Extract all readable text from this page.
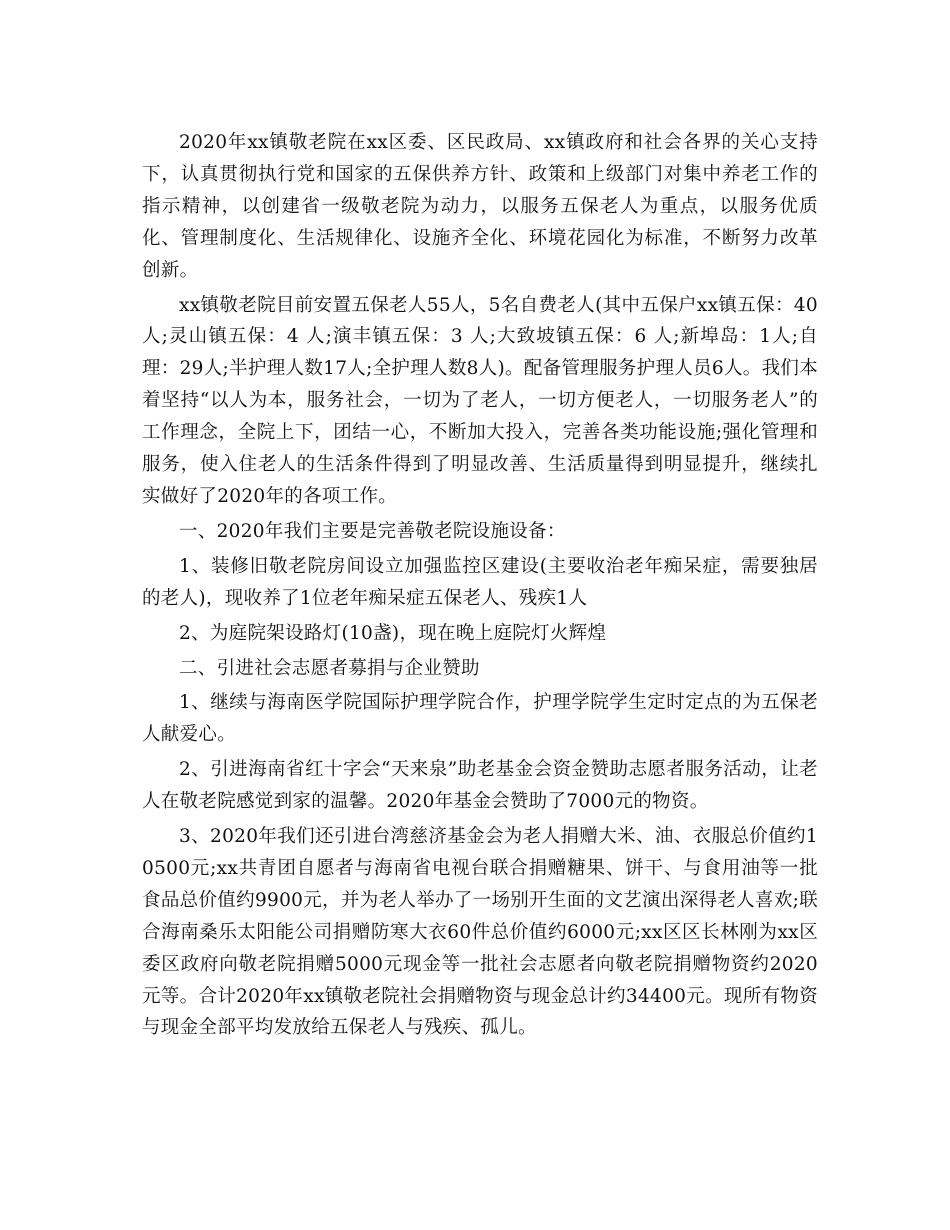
2020年xx镇敬老院在xx区委、区民政局、xx镇政府和社会各界的关心支持下，认真贯彻执行党和国家的五保供养方针、政策和上级部门对集中养老工作的指示精神，以创建省一级敬老院为动力，以服务五保老人为重点，以服务优质化、管理制度化、生活规律化、设施齐全化、环境花园化为标准，不断努力改革创新。

xx镇敬老院目前安置五保老人55人，5名自费老人(其中五保户xx镇五保：40人;灵山镇五保：4 人;演丰镇五保：3 人;大致坡镇五保：6 人;新埠岛：1人;自理：29人;半护理人数17人;全护理人数8人)。配备管理服务护理人员6人。我们本着坚持“以人为本，服务社会，一切为了老人，一切方便老人，一切服务老人”的工作理念，全院上下，团结一心，不断加大投入，完善各类功能设施;强化管理和服务，使入住老人的生活条件得到了明显改善、生活质量得到明显提升，继续扎实做好了2020年的各项工作。

一、2020年我们主要是完善敬老院设施设备：

1、装修旧敬老院房间设立加强监控区建设(主要收治老年痴呆症，需要独居的老人)，现收养了1位老年痴呆症五保老人、残疾1人

2、为庭院架设路灯(10盏)，现在晚上庭院灯火辉煌

二、引进社会志愿者募捐与企业赞助

1、继续与海南医学院国际护理学院合作，护理学院学生定时定点的为五保老人献爱心。

2、引进海南省红十字会“天来泉”助老基金会资金赞助志愿者服务活动，让老人在敬老院感觉到家的温馨。2020年基金会赞助了7000元的物资。

3、2020年我们还引进台湾慈济基金会为老人捐赠大米、油、衣服总价值约10500元;xx共青团自愿者与海南省电视台联合捐赠糖果、饼干、与食用油等一批食品总价值约9900元，并为老人举办了一场别开生面的文艺演出深得老人喜欢;联合海南桑乐太阳能公司捐赠防寒大衣60件总价值约6000元;xx区区长林刚为xx区委区政府向敬老院捐赠5000元现金等一批社会志愿者向敬老院捐赠物资约2020元等。合计2020年xx镇敬老院社会捐赠物资与现金总计约34400元。现所有物资与现金全部平均发放给五保老人与残疾、孤儿。
